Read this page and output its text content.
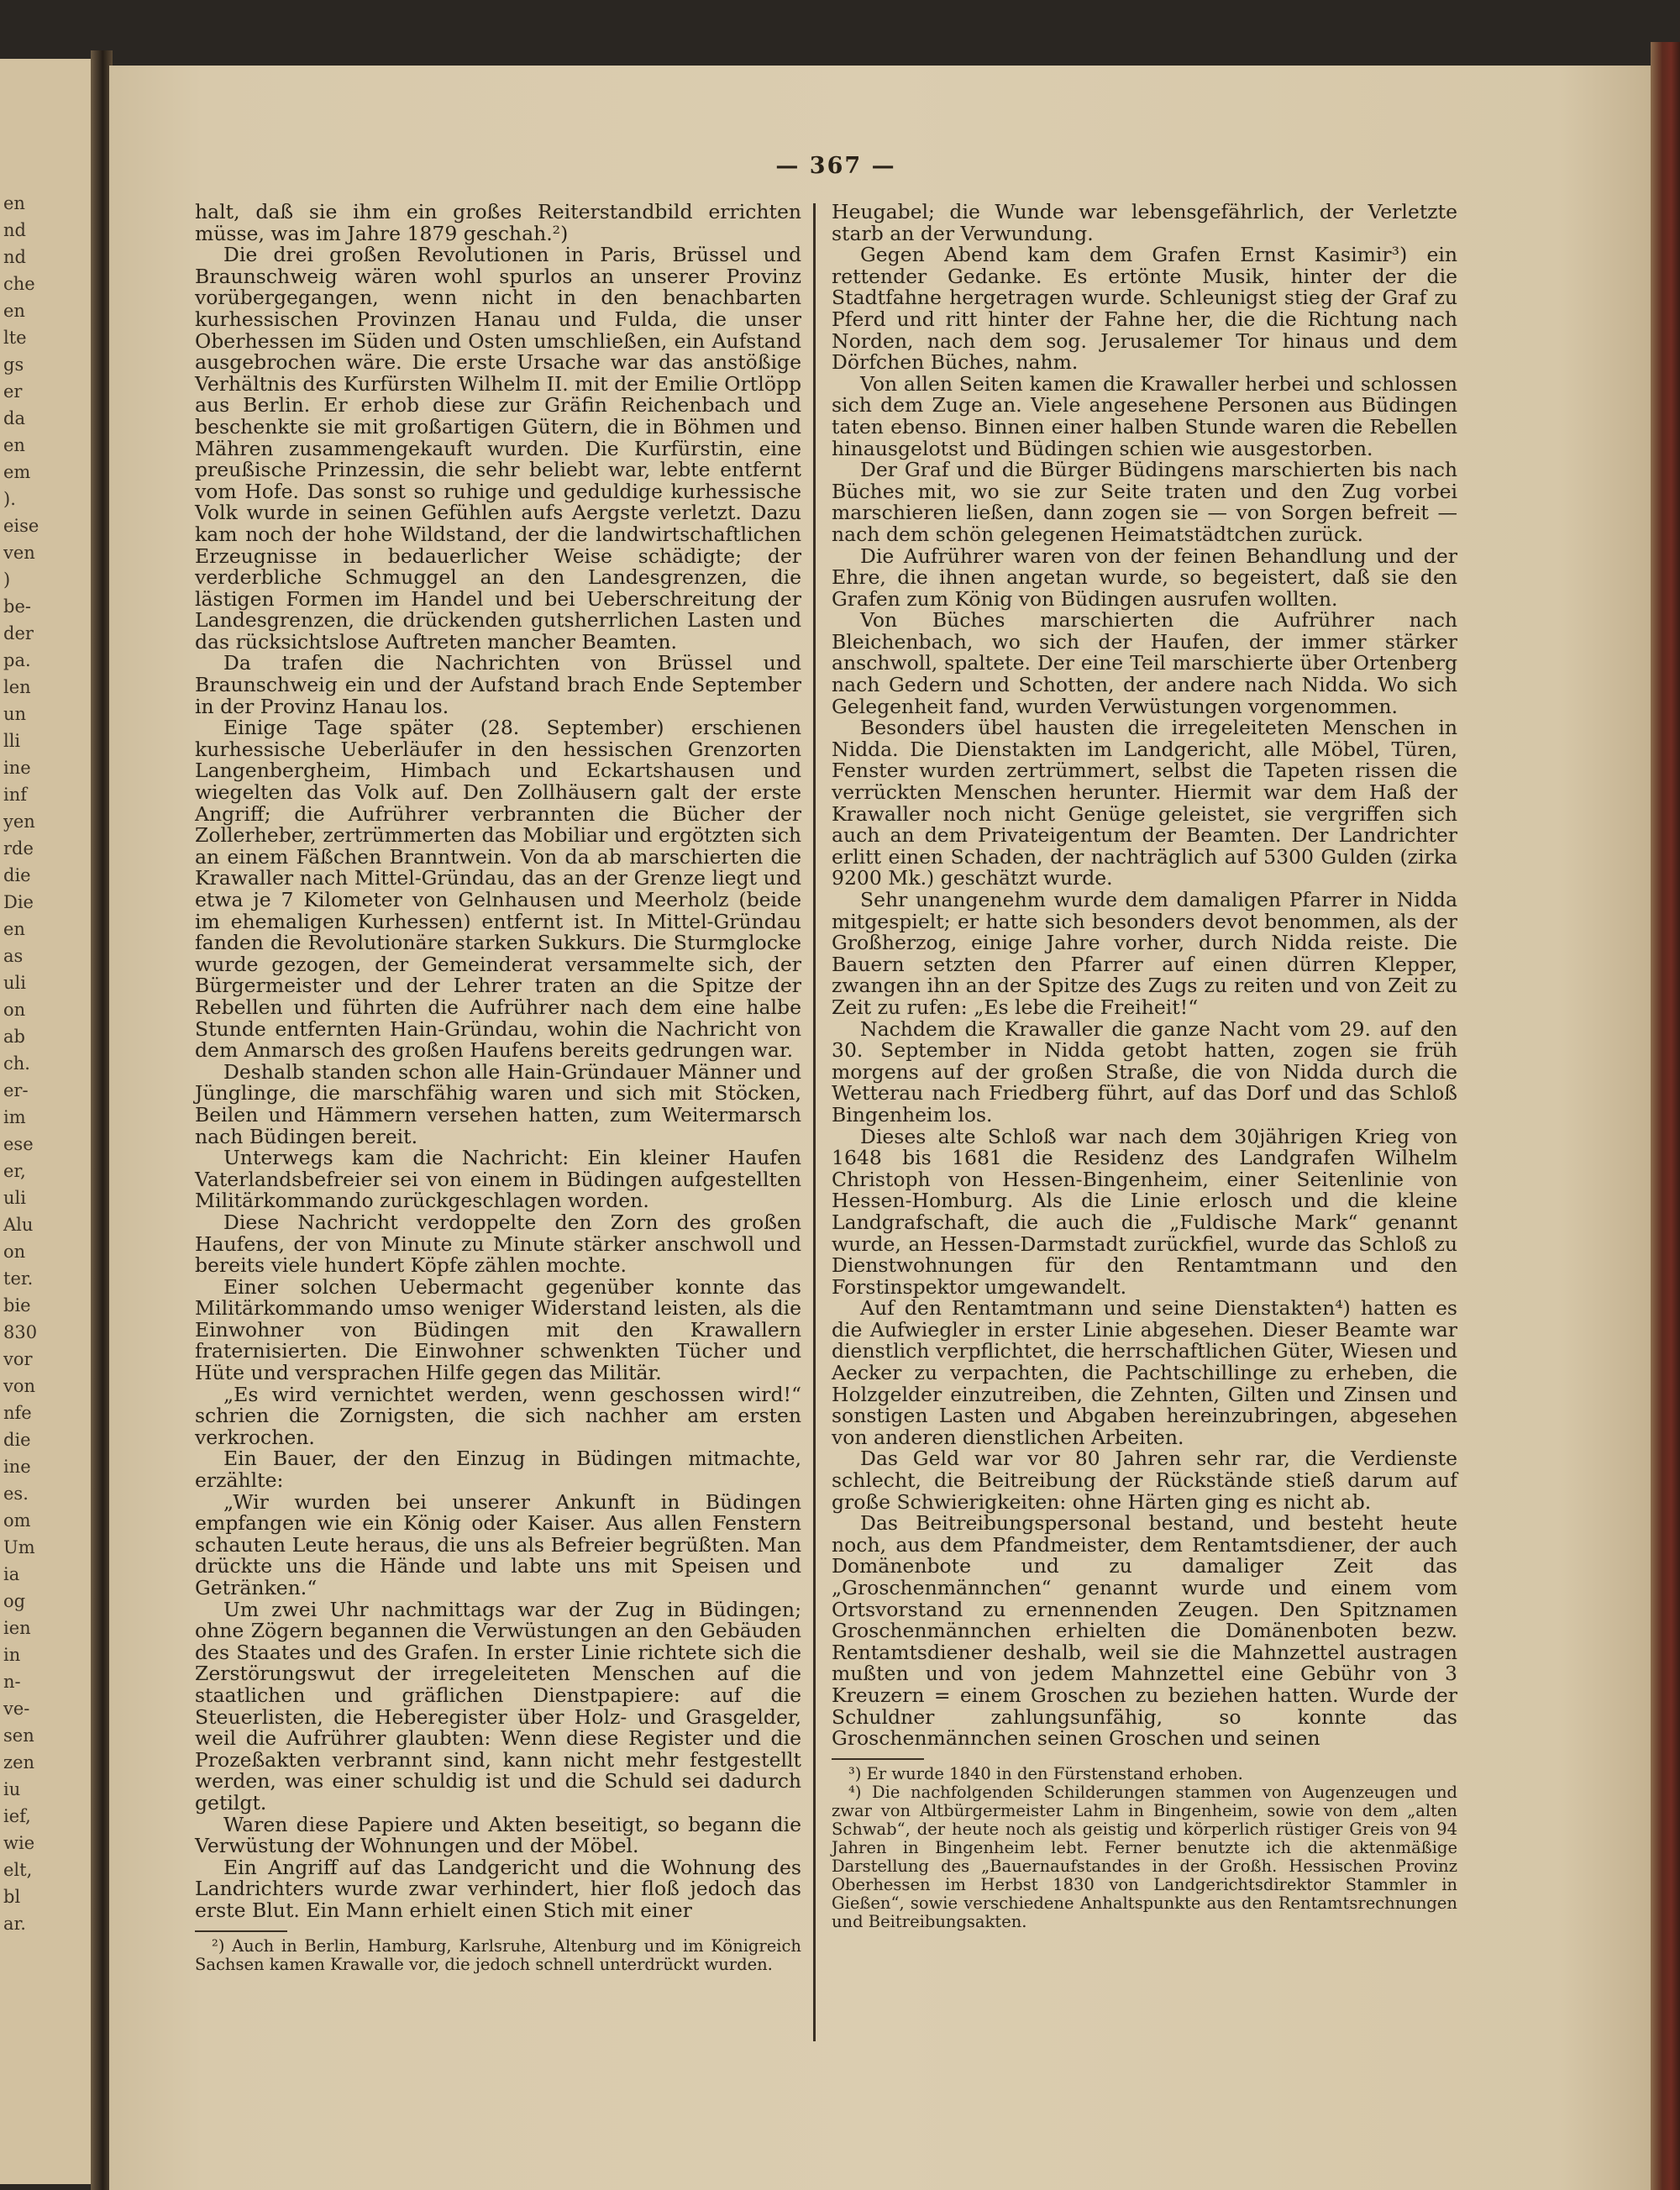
en
nd
nd
che
en
lte
gs
er
da
en
em
).
eise
ven
)
be-
der
pa.
len
un
lli
ine
inf
yen
rde
die
Die
en
as
uli
on
ab
ch.
er-
im
ese
er,
uli
Alu
on
ter.
bie
830
vor
von
nfe
die
ine
es.
om
Um
ia
og
ien
in
n-
ve-
sen
zen
iu
ief,
wie
elt,
bl
ar.
— 367 —

halt, daß sie ihm ein großes Reiterstandbild errichten müsse, was im Jahre 1879 geschah.²)

Die drei großen Revolutionen in Paris, Brüssel und Braunschweig wären wohl spurlos an unserer Provinz vorübergegangen, wenn nicht in den benachbarten kurhessischen Provinzen Hanau und Fulda, die unser Oberhessen im Süden und Osten umschließen, ein Aufstand ausgebrochen wäre. Die erste Ursache war das anstößige Verhältnis des Kurfürsten Wilhelm II. mit der Emilie Ortlöpp aus Berlin. Er erhob diese zur Gräfin Reichenbach und beschenkte sie mit großartigen Gütern, die in Böhmen und Mähren zusammengekauft wurden. Die Kurfürstin, eine preußische Prinzessin, die sehr beliebt war, lebte entfernt vom Hofe. Das sonst so ruhige und geduldige kurhessische Volk wurde in seinen Gefühlen aufs Aergste verletzt. Dazu kam noch der hohe Wildstand, der die landwirtschaftlichen Erzeugnisse in bedauerlicher Weise schädigte; der verderbliche Schmuggel an den Landesgrenzen, die lästigen Formen im Handel und bei Ueberschreitung der Landesgrenzen, die drückenden gutsherrlichen Lasten und das rücksichtslose Auftreten mancher Beamten.

Da trafen die Nachrichten von Brüssel und Braunschweig ein und der Aufstand brach Ende September in der Provinz Hanau los.

Einige Tage später (28. September) erschienen kurhessische Ueberläufer in den hessischen Grenzorten Langenbergheim, Himbach und Eckartshausen und wiegelten das Volk auf. Den Zollhäusern galt der erste Angriff; die Aufrührer verbrannten die Bücher der Zollerheber, zertrümmerten das Mobiliar und ergötzten sich an einem Fäßchen Branntwein. Von da ab marschierten die Krawaller nach Mittel-Gründau, das an der Grenze liegt und etwa je 7 Kilometer von Gelnhausen und Meerholz (beide im ehemaligen Kurhessen) entfernt ist. In Mittel-Gründau fanden die Revolutionäre starken Sukkurs. Die Sturmglocke wurde gezogen, der Gemeinderat versammelte sich, der Bürgermeister und der Lehrer traten an die Spitze der Rebellen und führten die Aufrührer nach dem eine halbe Stunde entfernten Hain-Gründau, wohin die Nachricht von dem Anmarsch des großen Haufens bereits gedrungen war.

Deshalb standen schon alle Hain-Gründauer Männer und Jünglinge, die marschfähig waren und sich mit Stöcken, Beilen und Hämmern versehen hatten, zum Weitermarsch nach Büdingen bereit.

Unterwegs kam die Nachricht: Ein kleiner Haufen Vaterlandsbefreier sei von einem in Büdingen aufgestellten Militärkommando zurückgeschlagen worden.

Diese Nachricht verdoppelte den Zorn des großen Haufens, der von Minute zu Minute stärker anschwoll und bereits viele hundert Köpfe zählen mochte.

Einer solchen Uebermacht gegenüber konnte das Militärkommando umso weniger Widerstand leisten, als die Einwohner von Büdingen mit den Krawallern fraternisierten. Die Einwohner schwenkten Tücher und Hüte und versprachen Hilfe gegen das Militär.

„Es wird vernichtet werden, wenn geschossen wird!“ schrien die Zornigsten, die sich nachher am ersten verkrochen.

Ein Bauer, der den Einzug in Büdingen mitmachte, erzählte:

„Wir wurden bei unserer Ankunft in Büdingen empfangen wie ein König oder Kaiser. Aus allen Fenstern schauten Leute heraus, die uns als Befreier begrüßten. Man drückte uns die Hände und labte uns mit Speisen und Getränken.“

Um zwei Uhr nachmittags war der Zug in Büdingen; ohne Zögern begannen die Verwüstungen an den Gebäuden des Staates und des Grafen. In erster Linie richtete sich die Zerstörungswut der irregeleiteten Menschen auf die staatlichen und gräflichen Dienstpapiere: auf die Steuerlisten, die Heberegister über Holz- und Grasgelder, weil die Aufrührer glaubten: Wenn diese Register und die Prozeßakten verbrannt sind, kann nicht mehr festgestellt werden, was einer schuldig ist und die Schuld sei dadurch getilgt.

Waren diese Papiere und Akten beseitigt, so begann die Verwüstung der Wohnungen und der Möbel.

Ein Angriff auf das Landgericht und die Wohnung des Landrichters wurde zwar verhindert, hier floß jedoch das erste Blut. Ein Mann erhielt einen Stich mit einer

²) Auch in Berlin, Hamburg, Karlsruhe, Altenburg und im Königreich Sachsen kamen Krawalle vor, die jedoch schnell unterdrückt wurden.

Heugabel; die Wunde war lebensgefährlich, der Verletzte starb an der Verwundung.

Gegen Abend kam dem Grafen Ernst Kasimir³) ein rettender Gedanke. Es ertönte Musik, hinter der die Stadtfahne hergetragen wurde. Schleunigst stieg der Graf zu Pferd und ritt hinter der Fahne her, die die Richtung nach Norden, nach dem sog. Jerusalemer Tor hinaus und dem Dörfchen Büches, nahm.

Von allen Seiten kamen die Krawaller herbei und schlossen sich dem Zuge an. Viele angesehene Personen aus Büdingen taten ebenso. Binnen einer halben Stunde waren die Rebellen hinausgelotst und Büdingen schien wie ausgestorben.

Der Graf und die Bürger Büdingens marschierten bis nach Büches mit, wo sie zur Seite traten und den Zug vorbei marschieren ließen, dann zogen sie — von Sorgen befreit — nach dem schön gelegenen Heimatstädtchen zurück.

Die Aufrührer waren von der feinen Behandlung und der Ehre, die ihnen angetan wurde, so begeistert, daß sie den Grafen zum König von Büdingen ausrufen wollten.

Von Büches marschierten die Aufrührer nach Bleichenbach, wo sich der Haufen, der immer stärker anschwoll, spaltete. Der eine Teil marschierte über Ortenberg nach Gedern und Schotten, der andere nach Nidda. Wo sich Gelegenheit fand, wurden Verwüstungen vorgenommen.

Besonders übel hausten die irregeleiteten Menschen in Nidda. Die Dienstakten im Landgericht, alle Möbel, Türen, Fenster wurden zertrümmert, selbst die Tapeten rissen die verrückten Menschen herunter. Hiermit war dem Haß der Krawaller noch nicht Genüge geleistet, sie vergriffen sich auch an dem Privateigentum der Beamten. Der Landrichter erlitt einen Schaden, der nachträglich auf 5300 Gulden (zirka 9200 Mk.) geschätzt wurde.

Sehr unangenehm wurde dem damaligen Pfarrer in Nidda mitgespielt; er hatte sich besonders devot benommen, als der Großherzog, einige Jahre vorher, durch Nidda reiste. Die Bauern setzten den Pfarrer auf einen dürren Klepper, zwangen ihn an der Spitze des Zugs zu reiten und von Zeit zu Zeit zu rufen: „Es lebe die Freiheit!“

Nachdem die Krawaller die ganze Nacht vom 29. auf den 30. September in Nidda getobt hatten, zogen sie früh morgens auf der großen Straße, die von Nidda durch die Wetterau nach Friedberg führt, auf das Dorf und das Schloß Bingenheim los.

Dieses alte Schloß war nach dem 30jährigen Krieg von 1648 bis 1681 die Residenz des Landgrafen Wilhelm Christoph von Hessen-Bingenheim, einer Seitenlinie von Hessen-Homburg. Als die Linie erlosch und die kleine Landgrafschaft, die auch die „Fuldische Mark“ genannt wurde, an Hessen-Darmstadt zurückfiel, wurde das Schloß zu Dienstwohnungen für den Rentamtmann und den Forstinspektor umgewandelt.

Auf den Rentamtmann und seine Dienstakten⁴) hatten es die Aufwiegler in erster Linie abgesehen. Dieser Beamte war dienstlich verpflichtet, die herrschaftlichen Güter, Wiesen und Aecker zu verpachten, die Pachtschillinge zu erheben, die Holzgelder einzutreiben, die Zehnten, Gilten und Zinsen und sonstigen Lasten und Abgaben hereinzubringen, abgesehen von anderen dienstlichen Arbeiten.

Das Geld war vor 80 Jahren sehr rar, die Verdienste schlecht, die Beitreibung der Rückstände stieß darum auf große Schwierigkeiten: ohne Härten ging es nicht ab.

Das Beitreibungspersonal bestand, und besteht heute noch, aus dem Pfandmeister, dem Rentamtsdiener, der auch Domänenbote und zu damaliger Zeit das „Groschenmännchen“ genannt wurde und einem vom Ortsvorstand zu ernennenden Zeugen. Den Spitznamen Groschenmännchen erhielten die Domänenboten bezw. Rentamtsdiener deshalb, weil sie die Mahnzettel austragen mußten und von jedem Mahnzettel eine Gebühr von 3 Kreuzern = einem Groschen zu beziehen hatten. Wurde der Schuldner zahlungsunfähig, so konnte das Groschenmännchen seinen Groschen und seinen

³) Er wurde 1840 in den Fürstenstand erhoben.

⁴) Die nachfolgenden Schilderungen stammen von Augenzeugen und zwar von Altbürgermeister Lahm in Bingenheim, sowie von dem „alten Schwab“, der heute noch als geistig und körperlich rüstiger Greis von 94 Jahren in Bingenheim lebt. Ferner benutzte ich die aktenmäßige Darstellung des „Bauernaufstandes in der Großh. Hessischen Provinz Oberhessen im Herbst 1830 von Landgerichtsdirektor Stammler in Gießen“, sowie verschiedene Anhaltspunkte aus den Rentamtsrechnungen und Beitreibungsakten.
